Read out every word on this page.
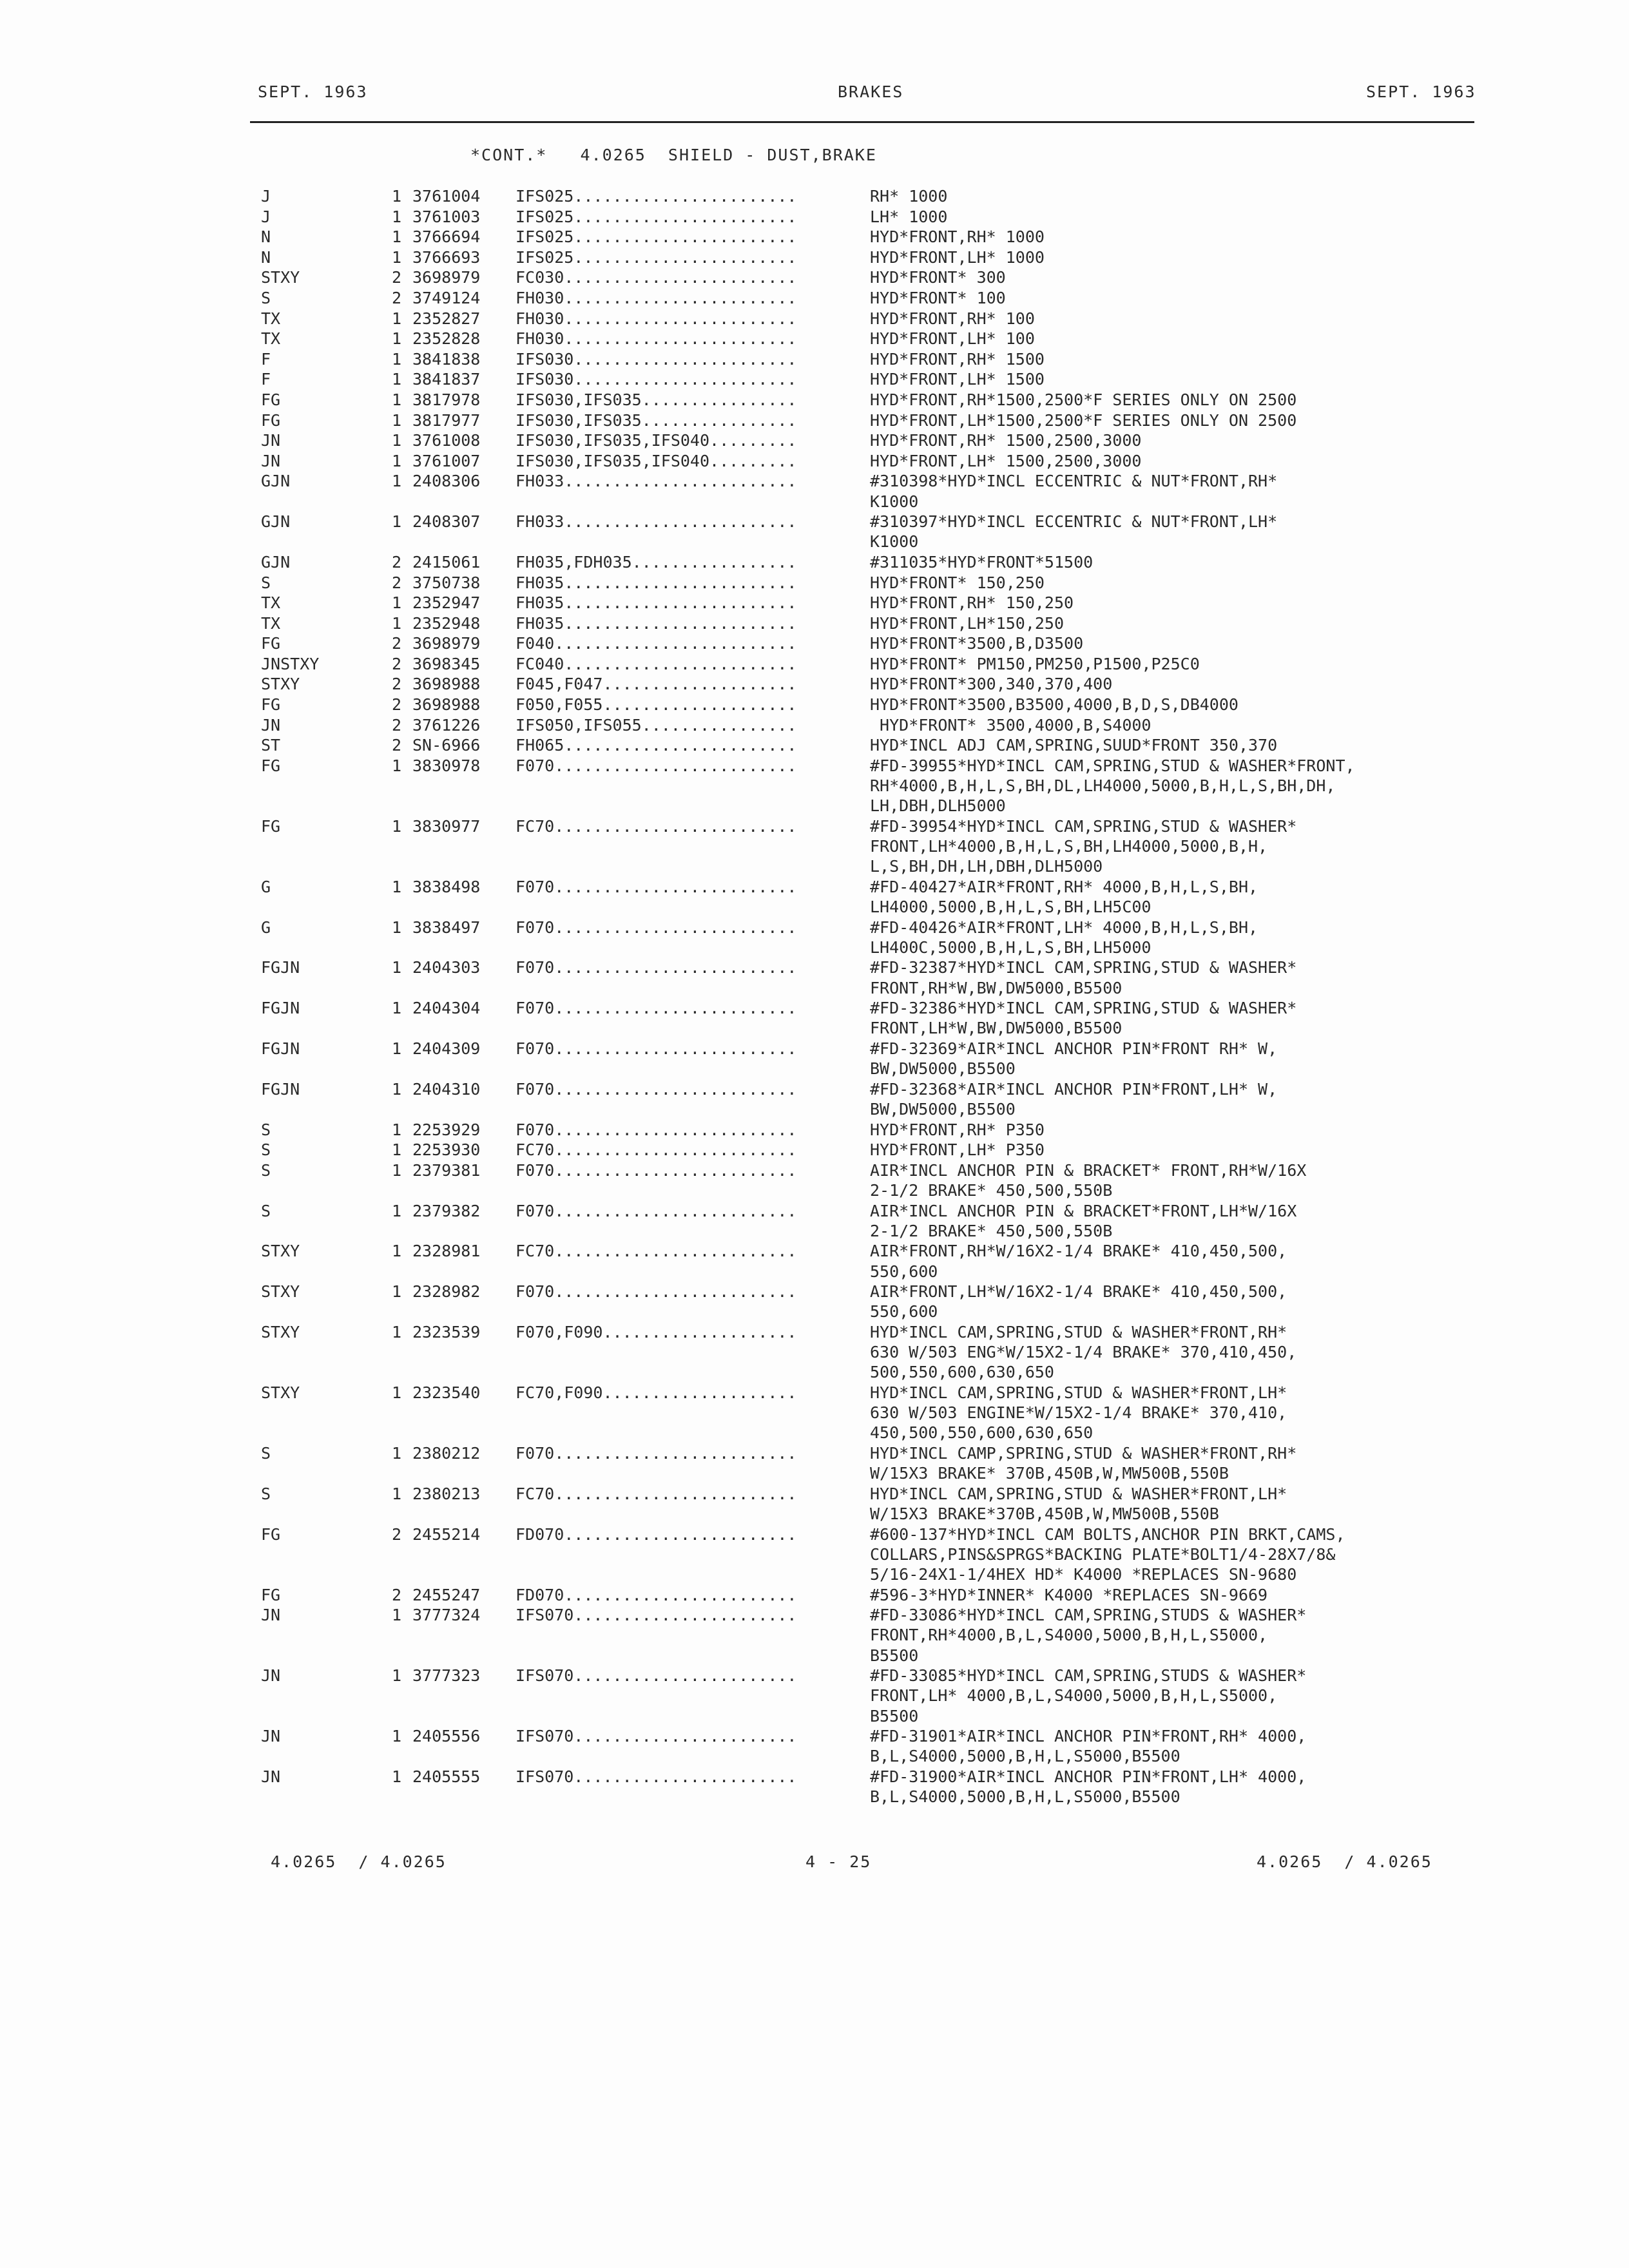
SEPT. 1963	BRAKES	SEPT. 1963
*CONT.*   4.0265  SHIELD - DUST,BRAKE
J	1 3761004 IFS025.......................	RH* 1000
J	1 3761003 IFS025.......................	LH* 1000
N	1 3766694 IFS025.......................	HYD*FRONT,RH* 1000
N	1 3766693 IFS025.......................	HYD*FRONT,LH* 1000
STXY	2 3698979 FC030........................	HYD*FRONT* 300
S	2 3749124 FH030........................	HYD*FRONT* 100
TX	1 2352827 FH030........................	HYD*FRONT,RH* 100
TX	1 2352828 FH030........................	HYD*FRONT,LH* 100
F	1 3841838 IFS030.......................	HYD*FRONT,RH* 1500
F	1 3841837 IFS030.......................	HYD*FRONT,LH* 1500
FG	1 3817978 IFS030,IFS035................	HYD*FRONT,RH*1500,2500*F SERIES ONLY ON 2500
FG	1 3817977 IFS030,IFS035................	HYD*FRONT,LH*1500,2500*F SERIES ONLY ON 2500
JN	1 3761008 IFS030,IFS035,IFS040.........	HYD*FRONT,RH* 1500,2500,3000
JN	1 3761007 IFS030,IFS035,IFS040.........	HYD*FRONT,LH* 1500,2500,3000
GJN	1 2408306 FH033........................	#310398*HYD*INCL ECCENTRIC & NUT*FRONT,RH*
K1000
GJN	1 2408307 FH033........................	#310397*HYD*INCL ECCENTRIC & NUT*FRONT,LH*
K1000
GJN	2 2415061 FH035,FDH035.................	#311035*HYD*FRONT*51500
S	2 3750738 FH035........................	HYD*FRONT* 150,250
TX	1 2352947 FH035........................	HYD*FRONT,RH* 150,250
TX	1 2352948 FH035........................	HYD*FRONT,LH*150,250
FG	2 3698979 F040.........................	HYD*FRONT*3500,B,D3500
JNSTXY	2 3698345 FC040........................	HYD*FRONT* PM150,PM250,P1500,P25C0
STXY	2 3698988 F045,F047....................	HYD*FRONT*300,340,370,400
FG	2 3698988 F050,F055....................	HYD*FRONT*3500,B3500,4000,B,D,S,DB4000
JN	2 3761226 IFS050,IFS055................	HYD*FRONT* 3500,4000,B,S4000
ST	2 SN-6966 FH065........................	HYD*INCL ADJ CAM,SPRING,SUUD*FRONT 350,370
FG	1 3830978 F070.........................	#FD-39955*HYD*INCL CAM,SPRING,STUD & WASHER*FRONT,
RH*4000,B,H,L,S,BH,DL,LH4000,5000,B,H,L,S,BH,DH,
LH,DBH,DLH5000
FG	1 3830977 FC70.........................	#FD-39954*HYD*INCL CAM,SPRING,STUD & WASHER*
FRONT,LH*4000,B,H,L,S,BH,LH4000,5000,B,H,
L,S,BH,DH,LH,DBH,DLH5000
G	1 3838498 F070.........................	#FD-40427*AIR*FRONT,RH* 4000,B,H,L,S,BH,
LH4000,5000,B,H,L,S,BH,LH5C00
G	1 3838497 F070.........................	#FD-40426*AIR*FRONT,LH* 4000,B,H,L,S,BH,
LH400C,5000,B,H,L,S,BH,LH5000
FGJN	1 2404303 F070.........................	#FD-32387*HYD*INCL CAM,SPRING,STUD & WASHER*
FRONT,RH*W,BW,DW5000,B5500
FGJN	1 2404304 F070.........................	#FD-32386*HYD*INCL CAM,SPRING,STUD & WASHER*
FRONT,LH*W,BW,DW5000,B5500
FGJN	1 2404309 F070.........................	#FD-32369*AIR*INCL ANCHOR PIN*FRONT RH* W,
BW,DW5000,B5500
FGJN	1 2404310 F070.........................	#FD-32368*AIR*INCL ANCHOR PIN*FRONT,LH* W,
BW,DW5000,B5500
S	1 2253929 F070.........................	HYD*FRONT,RH* P350
S	1 2253930 FC70.........................	HYD*FRONT,LH* P350
S	1 2379381 F070.........................	AIR*INCL ANCHOR PIN & BRACKET* FRONT,RH*W/16X
2-1/2 BRAKE* 450,500,550B
S	1 2379382 F070.........................	AIR*INCL ANCHOR PIN & BRACKET*FRONT,LH*W/16X
2-1/2 BRAKE* 450,500,550B
STXY	1 2328981 FC70.........................	AIR*FRONT,RH*W/16X2-1/4 BRAKE* 410,450,500,
550,600
STXY	1 2328982 F070.........................	AIR*FRONT,LH*W/16X2-1/4 BRAKE* 410,450,500,
550,600
STXY	1 2323539 F070,F090....................	HYD*INCL CAM,SPRING,STUD & WASHER*FRONT,RH*
630 W/503 ENG*W/15X2-1/4 BRAKE* 370,410,450,
500,550,600,630,650
STXY	1 2323540 FC70,F090....................	HYD*INCL CAM,SPRING,STUD & WASHER*FRONT,LH*
630 W/503 ENGINE*W/15X2-1/4 BRAKE* 370,410,
450,500,550,600,630,650
S	1 2380212 F070.........................	HYD*INCL CAMP,SPRING,STUD & WASHER*FRONT,RH*
W/15X3 BRAKE* 370B,450B,W,MW500B,550B
S	1 2380213 FC70.........................	HYD*INCL CAM,SPRING,STUD & WASHER*FRONT,LH*
W/15X3 BRAKE*370B,450B,W,MW500B,550B
FG	2 2455214 FD070........................	#600-137*HYD*INCL CAM BOLTS,ANCHOR PIN BRKT,CAMS,
COLLARS,PINS&SPRGS*BACKING PLATE*BOLT1/4-28X7/8&
5/16-24X1-1/4HEX HD* K4000 *REPLACES SN-9680
FG	2 2455247 FD070........................	#596-3*HYD*INNER* K4000 *REPLACES SN-9669
JN	1 3777324 IFS070.......................	#FD-33086*HYD*INCL CAM,SPRING,STUDS & WASHER*
FRONT,RH*4000,B,L,S4000,5000,B,H,L,S5000,
B5500
JN	1 3777323 IFS070.......................	#FD-33085*HYD*INCL CAM,SPRING,STUDS & WASHER*
FRONT,LH* 4000,B,L,S4000,5000,B,H,L,S5000,
B5500
JN	1 2405556 IFS070.......................	#FD-31901*AIR*INCL ANCHOR PIN*FRONT,RH* 4000,
B,L,S4000,5000,B,H,L,S5000,B5500
JN	1 2405555 IFS070.......................	#FD-31900*AIR*INCL ANCHOR PIN*FRONT,LH* 4000,
B,L,S4000,5000,B,H,L,S5000,B5500
4.0265  / 4.0265	4 - 25	4.0265  / 4.0265
